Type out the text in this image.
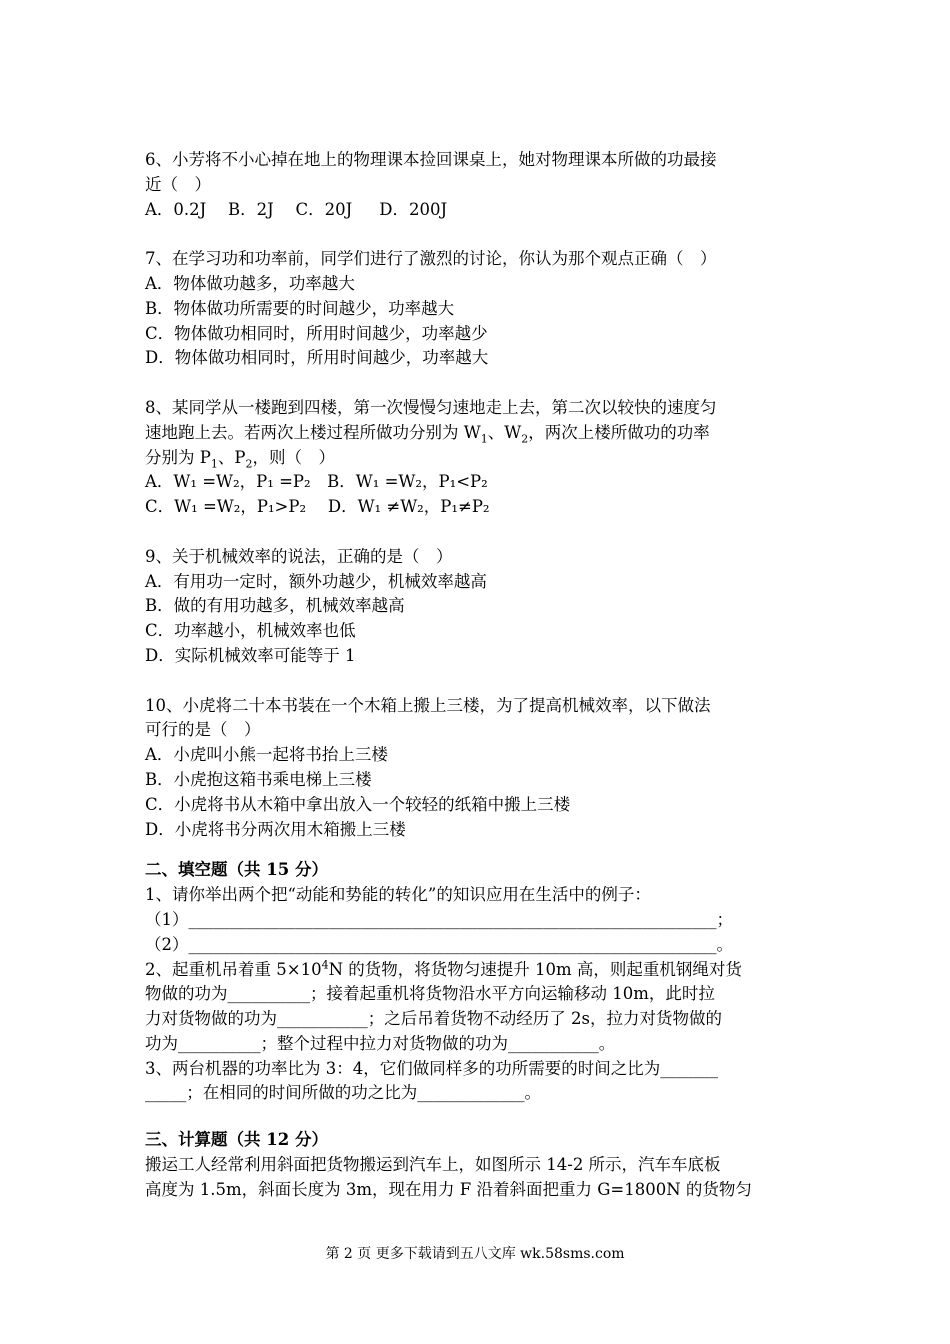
6、小芳将不小心掉在地上的物理课本捡回课桌上，她对物理课本所做的功最接
近（　）
A．0.2J　 B．2J　 C．20J　  D．200J
7、在学习功和功率前，同学们进行了激烈的讨论，你认为那个观点正确（　）
A．物体做功越多，功率越大
B．物体做功所需要的时间越少，功率越大
C．物体做功相同时，所用时间越少，功率越少
D．物体做功相同时，所用时间越少，功率越大
8、某同学从一楼跑到四楼，第一次慢慢匀速地走上去，第二次以较快的速度匀
速地跑上去。若两次上楼过程所做功分别为 $W_1$、$W_2$，两次上楼所做功的功率
分别为 $P_1$、$P_2$，则（　）
A．W₁ =W₂，P₁ =P₂　B．W₁ =W₂，P₁<P₂
C．W₁ =W₂，P₁>P₂　 D．W₁ ≠W₂，P₁≠P₂
9、关于机械效率的说法，正确的是（　）
A．有用功一定时，额外功越少，机械效率越高
B．做的有用功越多，机械效率越高
C．功率越小，机械效率也低
D．实际机械效率可能等于 1
10、小虎将二十本书装在一个木箱上搬上三楼，为了提高机械效率，以下做法
可行的是（　）
A．小虎叫小熊一起将书抬上三楼
B．小虎抱这箱书乘电梯上三楼
C．小虎将书从木箱中拿出放入一个较轻的纸箱中搬上三楼
D．小虎将书分两次用木箱搬上三楼
二、填空题（共 15 分）
1、请你举出两个把“动能和势能的转化”的知识应用在生活中的例子：
（1）________________________________________________________________；
（2）________________________________________________________________。
2、起重机吊着重 $5\times 10^4N$ 的货物，将货物匀速提升 10m 高，则起重机钢绳对货
物做的功为__________；接着起重机将货物沿水平方向运输移动 10m，此时拉
力对货物做的功为___________；之后吊着货物不动经历了 2s，拉力对货物做的
功为__________；整个过程中拉力对货物做的功为___________。
3、两台机器的功率比为 3：4，它们做同样多的功所需要的时间之比为_______
_____；在相同的时间所做的功之比为_____________。
三、计算题（共 12 分）
搬运工人经常利用斜面把货物搬运到汽车上，如图所示 14-2 所示，汽车车底板
高度为 1.5m，斜面长度为 3m，现在用力 F 沿着斜面把重力 G=1800N 的货物匀
第 2 页 更多下载请到五八文库 wk.58sms.com
